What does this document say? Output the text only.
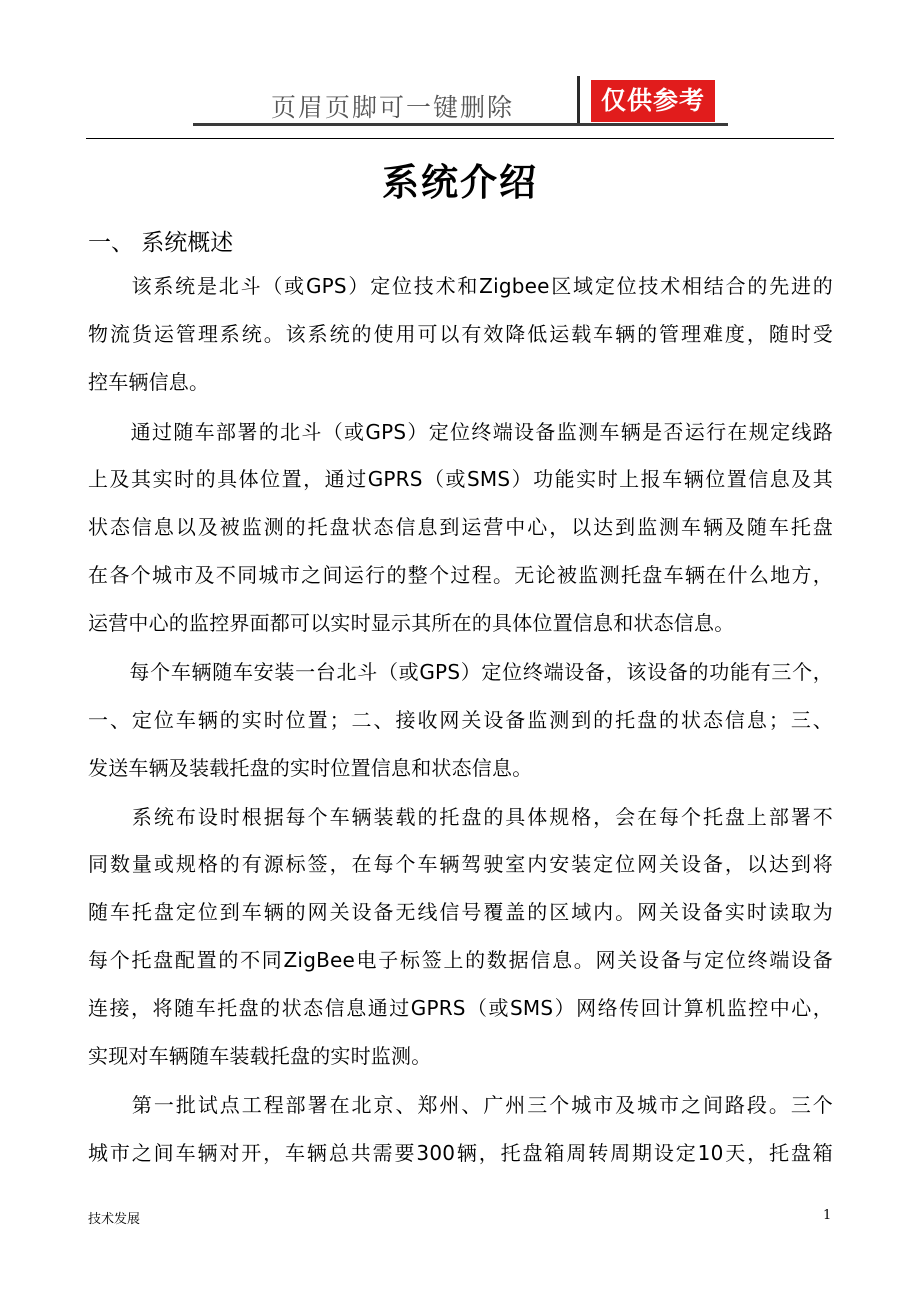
页眉页脚可一键删除	仅供参考
系统介绍
一、 系统概述
　　该系统是北斗（或GPS）定位技术和Zigbee区域定位技术相结合的先进的
物流货运管理系统。该系统的使用可以有效降低运载车辆的管理难度，随时受
控车辆信息。
　　通过随车部署的北斗（或GPS）定位终端设备监测车辆是否运行在规定线路
上及其实时的具体位置，通过GPRS（或SMS）功能实时上报车辆位置信息及其
状态信息以及被监测的托盘状态信息到运营中心，以达到监测车辆及随车托盘
在各个城市及不同城市之间运行的整个过程。无论被监测托盘车辆在什么地方，
运营中心的监控界面都可以实时显示其所在的具体位置信息和状态信息。
　　每个车辆随车安装一台北斗（或GPS）定位终端设备，该设备的功能有三个，
一、定位车辆的实时位置；二、接收网关设备监测到的托盘的状态信息；三、
发送车辆及装载托盘的实时位置信息和状态信息。
　　系统布设时根据每个车辆装载的托盘的具体规格，会在每个托盘上部署不
同数量或规格的有源标签，在每个车辆驾驶室内安装定位网关设备，以达到将
随车托盘定位到车辆的网关设备无线信号覆盖的区域内。网关设备实时读取为
每个托盘配置的不同ZigBee电子标签上的数据信息。网关设备与定位终端设备
连接，将随车托盘的状态信息通过GPRS（或SMS）网络传回计算机监控中心，
实现对车辆随车装载托盘的实时监测。
　　第一批试点工程部署在北京、郑州、广州三个城市及城市之间路段。三个
城市之间车辆对开，车辆总共需要300辆，托盘箱周转周期设定10天，托盘箱
技术发展	1
